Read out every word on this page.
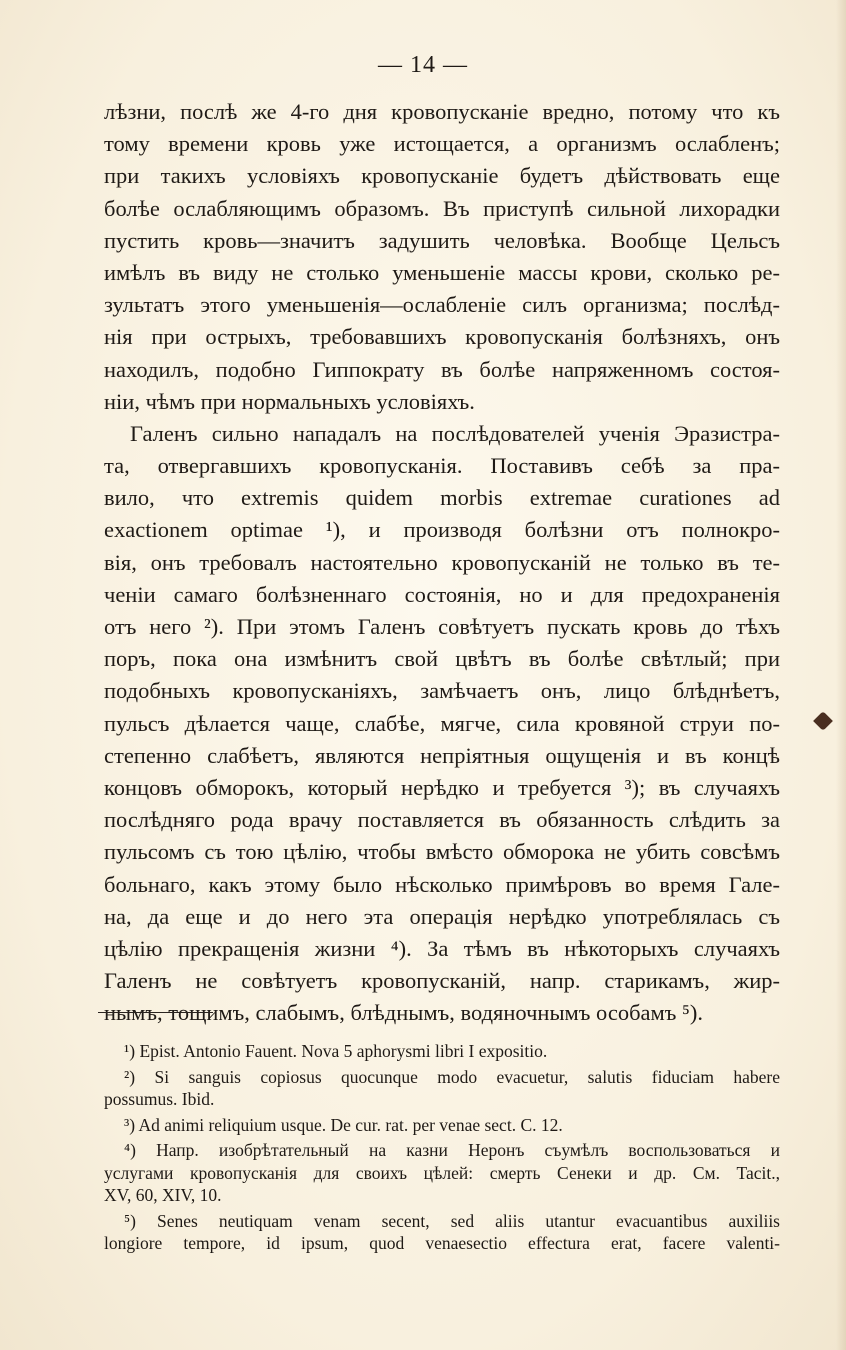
— 14 —
лѣзни, послѣ же 4-го дня кровопусканіе вредно, потому что къ
тому времени кровь уже истощается, а организмъ ослабленъ;
при такихъ условіяхъ кровопусканіе будетъ дѣйствовать еще
болѣе ослабляющимъ образомъ. Въ приступѣ сильной лихорадки
пустить кровь—значитъ задушить человѣка. Вообще Цельсъ
имѣлъ въ виду не столько уменьшеніе массы крови, сколько ре-
зультатъ этого уменьшенія—ослабленіе силъ организма; послѣд-
нія при острыхъ, требовавшихъ кровопусканія болѣзняхъ, онъ
находилъ, подобно Гиппократу въ болѣе напряженномъ состоя-
ніи, чѣмъ при нормальныхъ условіяхъ.
Галенъ сильно нападалъ на послѣдователей ученія Эразистра-
та, отвергавшихъ кровопусканія. Поставивъ себѣ за пра-
вило, что extremis quidem morbis extremae curationes ad
exactionem optimae ¹), и производя болѣзни отъ полнокро-
вія, онъ требовалъ настоятельно кровопусканій не только въ те-
ченіи самаго болѣзненнаго состоянія, но и для предохраненія
отъ него ²). При этомъ Галенъ совѣтуетъ пускать кровь до тѣхъ
поръ, пока она измѣнитъ свой цвѣтъ въ болѣе свѣтлый; при
подобныхъ кровопусканіяхъ, замѣчаетъ онъ, лицо блѣднѣетъ,
пульсъ дѣлается чаще, слабѣе, мягче, сила кровяной струи по-
степенно слабѣетъ, являются непріятныя ощущенія и въ концѣ
концовъ обморокъ, который нерѣдко и требуется ³); въ случаяхъ
послѣдняго рода врачу поставляется въ обязанность слѣдить за
пульсомъ съ тою цѣлію, чтобы вмѣсто обморока не убить совсѣмъ
больнаго, какъ этому было нѣсколько примѣровъ во время Гале-
на, да еще и до него эта операція нерѣдко употреблялась съ
цѣлію прекращенія жизни ⁴). За тѣмъ въ нѣкоторыхъ случаяхъ
Галенъ не совѣтуетъ кровопусканій, напр. старикамъ, жир-
нымъ, тощимъ, слабымъ, блѣднымъ, водяночнымъ особамъ ⁵).
¹) Epist. Antonio Fauent. Nova 5 aphorysmi libri I expositio.
²) Si sanguis copiosus quocunque modo evacuetur, salutis fiduciam habere
possumus. Ibid.
³) Ad animi reliquium usque. De cur. rat. per venae sect. C. 12.
⁴) Напр. изобрѣтательный на казни Неронъ съумѣлъ воспользоваться и
услугами кровопусканія для своихъ цѣлей: смерть Сенеки и др. См. Tacit.,
XV, 60, XIV, 10.
⁵) Senes neutiquam venam secent, sed aliis utantur evacuantibus auxiliis
longiore tempore, id ipsum, quod venaesectio effectura erat, facere valenti-
